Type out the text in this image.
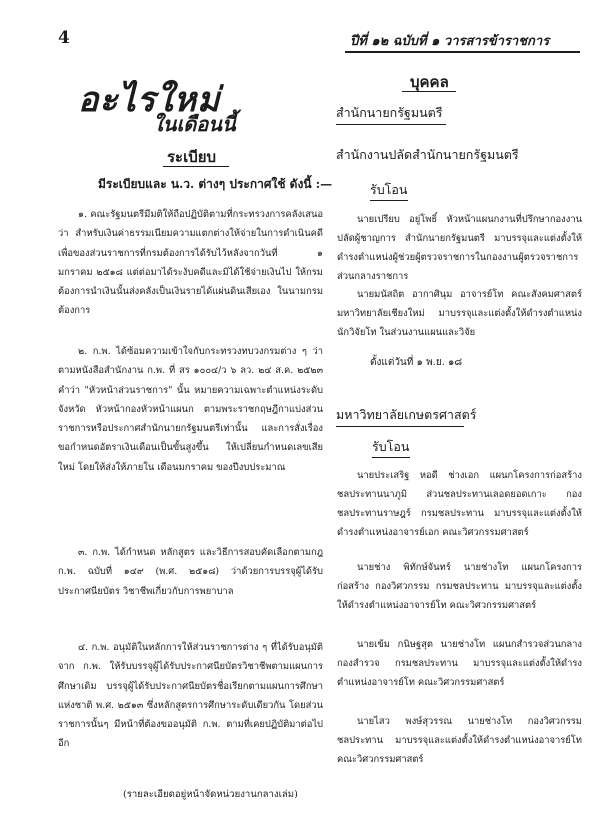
4	ปีที่ ๑๒ ฉบับที่ ๑ วารสารข้าราชการ
อะไรใหม่
ในเดือนนี้
ระเบียบ
มีระเบียบและ น.ว. ต่างๆ ประกาศใช้ ดังนี้ :—

๑. คณะรัฐมนตรีมีมติให้ถือปฏิบัติตามที่กระทรวงการคลังเสนอว่า สำหรับเงินค่าธรรมเนียมความแตกต่างให้จ่ายในการดำเนินคดีเพื่อของส่วนราชการที่กรมต้องการได้รับไว้หลังจากวันที่ ๑ มกราคม ๒๕๑๘ แต่ต่อมาได้ระงับคดีและมิได้ใช้จ่ายเงินไป ให้กรมต้องการนำเงินนั้นส่งคลังเป็นเงินรายได้แผ่นดินเสียเอง ในนามกรมต้องการ

๒. ก.พ. ได้ซ้อมความเข้าใจกับกระทรวงทบวงกรมต่าง ๆ ว่า ตามหนังสือสำนักงาน ก.พ. ที่ สร ๑๐๐๔/ว ๖ ลว. ๒๔ ส.ค. ๒๕๒๓ คำว่า "หัวหน้าส่วนราชการ" นั้น หมายความเฉพาะตำแหน่งระดับจังหวัด หัวหน้ากองหัวหน้าแผนก ตามพระราชกฤษฎีกาแบ่งส่วนราชการหรือประกาศสำนักนายกรัฐมนตรีเท่านั้น และการสั่งเรื่องขอกำหนดอัตราเงินเดือนเป็นขั้นสูงขึ้น ให้เปลี่ยนกำหนดเลขเสียใหม่ โดยให้ส่งให้ภายใน เดือนมกราคม ของปีงบประมาณ

๓. ก.พ. ได้กำหนด หลักสูตร และวิธีการสอบคัดเลือกตามกฎ ก.พ. ฉบับที่ ๑๔๙ (พ.ศ. ๒๕๑๘) ว่าด้วยการบรรจุผู้ได้รับประกาศนียบัตร วิชาชีพเกี่ยวกับการพยาบาล

๔. ก.พ. อนุมัติในหลักการให้ส่วนราชการต่าง ๆ ที่ได้รับอนุมัติจาก ก.พ. ให้รับบรรจุผู้ได้รับประกาศนียบัตรวิชาชีพตามแผนการศึกษาเดิม บรรจุผู้ได้รับประกาศนียบัตรชื่อเรียกตามแผนการศึกษาแห่งชาติ พ.ศ. ๒๕๑๓ ซึ่งหลักสูตรการศึกษาระดับเดียวกัน โดยส่วนราชการนั้นๆ มีหน้าที่ต้องขออนุมัติ ก.พ. ตามที่เคยปฏิบัติมาต่อไปอีก

(รายละเอียดอยู่หน้าจัดหน่วยงานกลางเล่ม)
บุคคล
สำนักนายกรัฐมนตรี
สำนักงานปลัดสำนักนายกรัฐมนตรี
รับโอน

นายเปรียบ อยู่โพธิ์ หัวหน้าแผนกงานที่ปรึกษากองงานปลัดผู้ชาญการ สำนักนายกรัฐมนตรี มาบรรจุและแต่งตั้งให้ดำรงตำแหน่งผู้ช่วยผู้ตรวจราชการในกองงานผู้ตรวจราชการ ส่วนกลางราชการ

นายมนัสถิต อากาศินุม อาจารย์โท คณะสังคมศาสตร์ มหาวิทยาลัยเชียงใหม่ มาบรรจุและแต่งตั้งให้ดำรงตำแหน่งนักวิจัยโท ในส่วนงานแผนและวิจัย

ตั้งแต่วันที่ ๑ พ.ย. ๑๘
มหาวิทยาลัยเกษตรศาสตร์
รับโอน

นายประเสริฐ หอดี ช่างเอก แผนกโครงการก่อสร้างชลประทานนาภูมิ ส่วนชลประทานเลอดยอดเกาะ กองชลประทานราษฎร์ กรมชลประทาน มาบรรจุและแต่งตั้งให้ดำรงตำแหน่งอาจารย์เอก คณะวิศวกรรมศาสตร์

นายช่าง พิทักษ์จันทร์ นายช่างโท แผนกโครงการก่อสร้าง กองวิศวกรรม กรมชลประทาน มาบรรจุและแต่งตั้งให้ดำรงตำแหน่งอาจารย์โท คณะวิศวกรรมศาสตร์

นายเข้ม กนิษฐสุต นายช่างโท แผนกสำรวจส่วนกลาง กองสำรวจ กรมชลประทาน มาบรรจุและแต่งตั้งให้ดำรงตำแหน่งอาจารย์โท คณะวิศวกรรมศาสตร์

นายไสว พงษ์สุวรรณ นายช่างโท กองวิศวกรรมชลประทาน มาบรรจุและแต่งตั้งให้ดำรงตำแหน่งอาจารย์โท คณะวิศวกรรมศาสตร์
